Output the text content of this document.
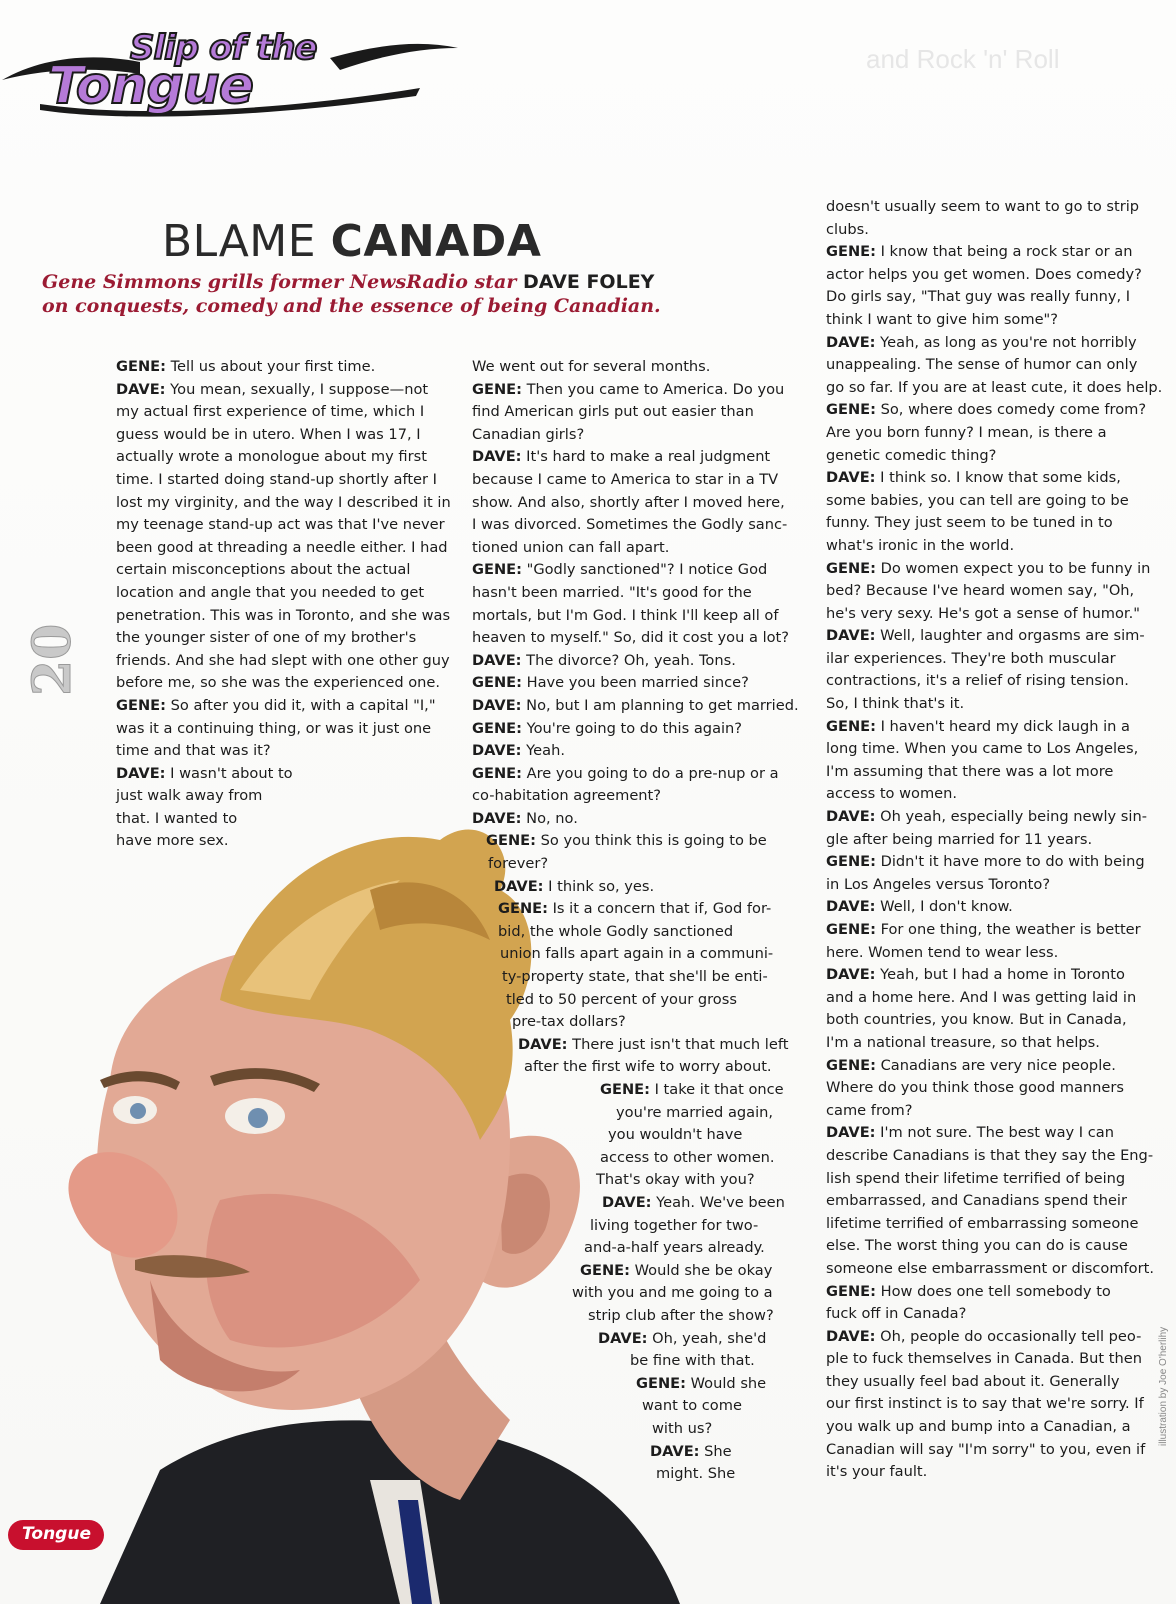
Slip of the
Tongue	and Rock 'n' Roll
BLAME CANADA
Gene Simmons grills former NewsRadio star DAVE FOLEY
on conquests, comedy and the essence of being Canadian.
20

GENE: Tell us about your first time.

DAVE: You mean, sexually, I suppose—not

my actual first experience of time, which I

guess would be in utero. When I was 17, I

actually wrote a monologue about my first

time. I started doing stand-up shortly after I

lost my virginity, and the way I described it in

my teenage stand-up act was that I've never

been good at threading a needle either. I had

certain misconceptions about the actual

location and angle that you needed to get

penetration. This was in Toronto, and she was

the younger sister of one of my brother's

friends. And she had slept with one other guy

before me, so she was the experienced one.

GENE: So after you did it, with a capital "I,"

was it a continuing thing, or was it just one

time and that was it?

DAVE: I wasn't about to

just walk away from

that. I wanted to

have more sex.

We went out for several months.

GENE: Then you came to America. Do you

find American girls put out easier than

Canadian girls?

DAVE: It's hard to make a real judgment

because I came to America to star in a TV

show. And also, shortly after I moved here,

I was divorced. Sometimes the Godly sanc-

tioned union can fall apart.

GENE: "Godly sanctioned"? I notice God

hasn't been married. "It's good for the

mortals, but I'm God. I think I'll keep all of

heaven to myself." So, did it cost you a lot?

DAVE: The divorce? Oh, yeah. Tons.

GENE: Have you been married since?

DAVE: No, but I am planning to get married.

GENE: You're going to do this again?

DAVE: Yeah.

GENE: Are you going to do a pre-nup or a

co-habitation agreement?

DAVE: No, no.

GENE: So you think this is going to be

forever?

DAVE: I think so, yes.

GENE: Is it a concern that if, God for-

bid, the whole Godly sanctioned

union falls apart again in a communi-

ty-property state, that she'll be enti-

tled to 50 percent of your gross

pre-tax dollars?

DAVE: There just isn't that much left

after the first wife to worry about.

GENE: I take it that once

you're married again,

you wouldn't have

access to other women.

That's okay with you?

DAVE: Yeah. We've been

living together for two-

and-a-half years already.

GENE: Would she be okay

with you and me going to a

strip club after the show?

DAVE: Oh, yeah, she'd

be fine with that.

GENE: Would she

want to come

with us?

DAVE: She

might. She

doesn't usually seem to want to go to strip

clubs.

GENE: I know that being a rock star or an

actor helps you get women. Does comedy?

Do girls say, "That guy was really funny, I

think I want to give him some"?

DAVE: Yeah, as long as you're not horribly

unappealing. The sense of humor can only

go so far. If you are at least cute, it does help.

GENE: So, where does comedy come from?

Are you born funny? I mean, is there a

genetic comedic thing?

DAVE: I think so. I know that some kids,

some babies, you can tell are going to be

funny. They just seem to be tuned in to

what's ironic in the world.

GENE: Do women expect you to be funny in

bed? Because I've heard women say, "Oh,

he's very sexy. He's got a sense of humor."

DAVE: Well, laughter and orgasms are sim-

ilar experiences. They're both muscular

contractions, it's a relief of rising tension.

So, I think that's it.

GENE: I haven't heard my dick laugh in a

long time. When you came to Los Angeles,

I'm assuming that there was a lot more

access to women.

DAVE: Oh yeah, especially being newly sin-

gle after being married for 11 years.

GENE: Didn't it have more to do with being

in Los Angeles versus Toronto?

DAVE: Well, I don't know.

GENE: For one thing, the weather is better

here. Women tend to wear less.

DAVE: Yeah, but I had a home in Toronto

and a home here. And I was getting laid in

both countries, you know. But in Canada,

I'm a national treasure, so that helps.

GENE: Canadians are very nice people.

Where do you think those good manners

came from?

DAVE: I'm not sure. The best way I can

describe Canadians is that they say the Eng-

lish spend their lifetime terrified of being

embarrassed, and Canadians spend their

lifetime terrified of embarrassing someone

else. The worst thing you can do is cause

someone else embarrassment or discomfort.

GENE: How does one tell somebody to

fuck off in Canada?

DAVE: Oh, people do occasionally tell peo-

ple to fuck themselves in Canada. But then

they usually feel bad about it. Generally

our first instinct is to say that we're sorry. If

you walk up and bump into a Canadian, a

Canadian will say "I'm sorry" to you, even if

it's your fault.

illustration by Joe O'herlihy
Tongue
